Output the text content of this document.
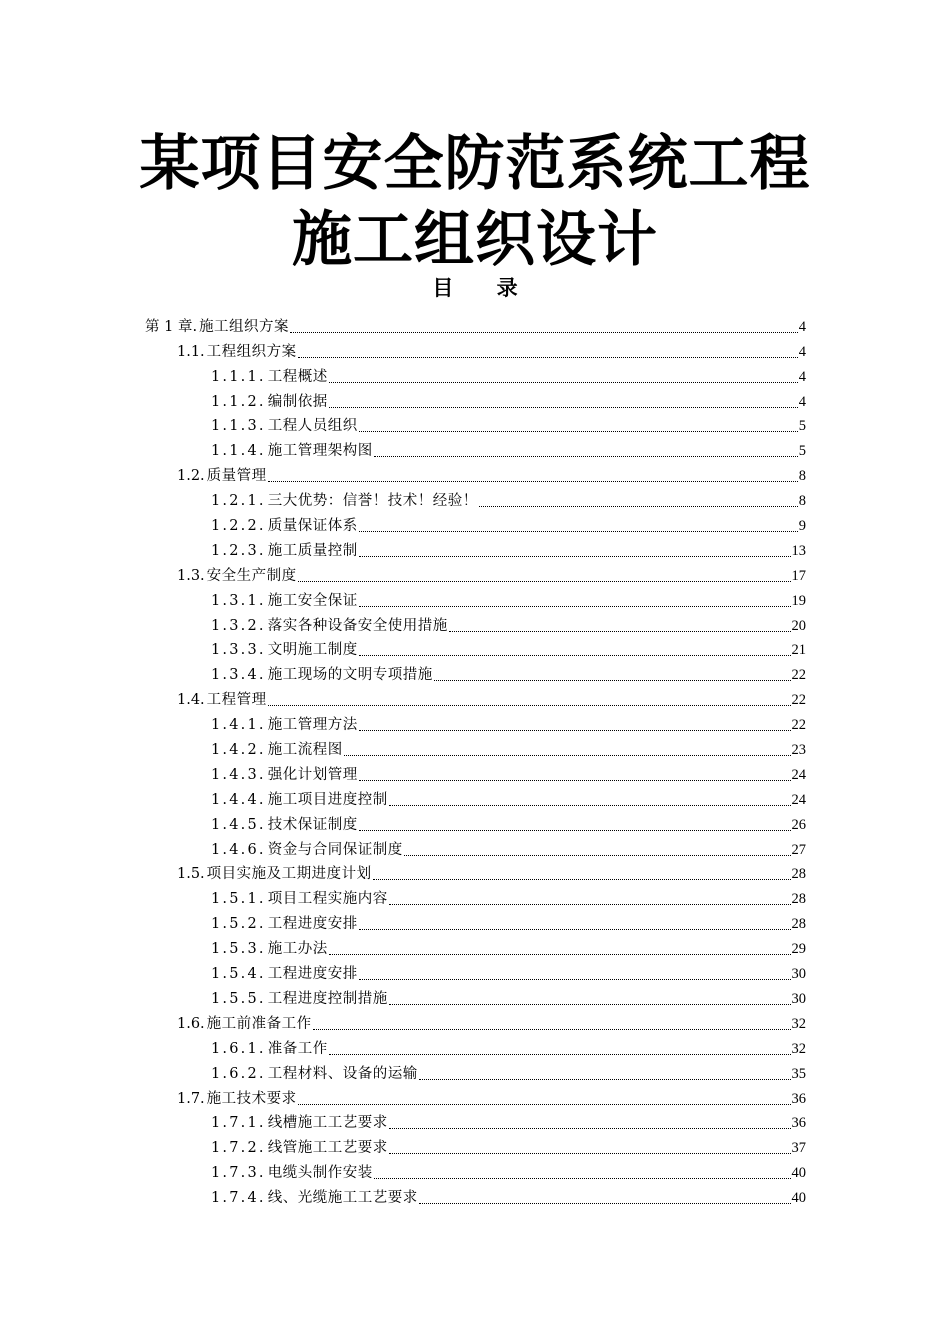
某项目安全防范系统工程
施工组织设计
目 录
第 1 章. 施工组织方案	4
1.1. 工程组织方案	4
1.1.1. 工程概述	4
1.1.2. 编制依据	4
1.1.3. 工程人员组织	5
1.1.4. 施工管理架构图	5
1.2. 质量管理	8
1.2.1. 三大优势：信誉！技术！经验！	8
1.2.2. 质量保证体系	9
1.2.3. 施工质量控制	13
1.3. 安全生产制度	17
1.3.1. 施工安全保证	19
1.3.2. 落实各种设备安全使用措施	20
1.3.3. 文明施工制度	21
1.3.4. 施工现场的文明专项措施	22
1.4. 工程管理	22
1.4.1. 施工管理方法	22
1.4.2. 施工流程图	23
1.4.3. 强化计划管理	24
1.4.4. 施工项目进度控制	24
1.4.5. 技术保证制度	26
1.4.6. 资金与合同保证制度	27
1.5. 项目实施及工期进度计划	28
1.5.1. 项目工程实施内容	28
1.5.2. 工程进度安排	28
1.5.3. 施工办法	29
1.5.4. 工程进度安排	30
1.5.5. 工程进度控制措施	30
1.6. 施工前准备工作	32
1.6.1. 准备工作	32
1.6.2. 工程材料、设备的运输	35
1.7. 施工技术要求	36
1.7.1. 线槽施工工艺要求	36
1.7.2. 线管施工工艺要求	37
1.7.3. 电缆头制作安装	40
1.7.4. 线、光缆施工工艺要求	40
